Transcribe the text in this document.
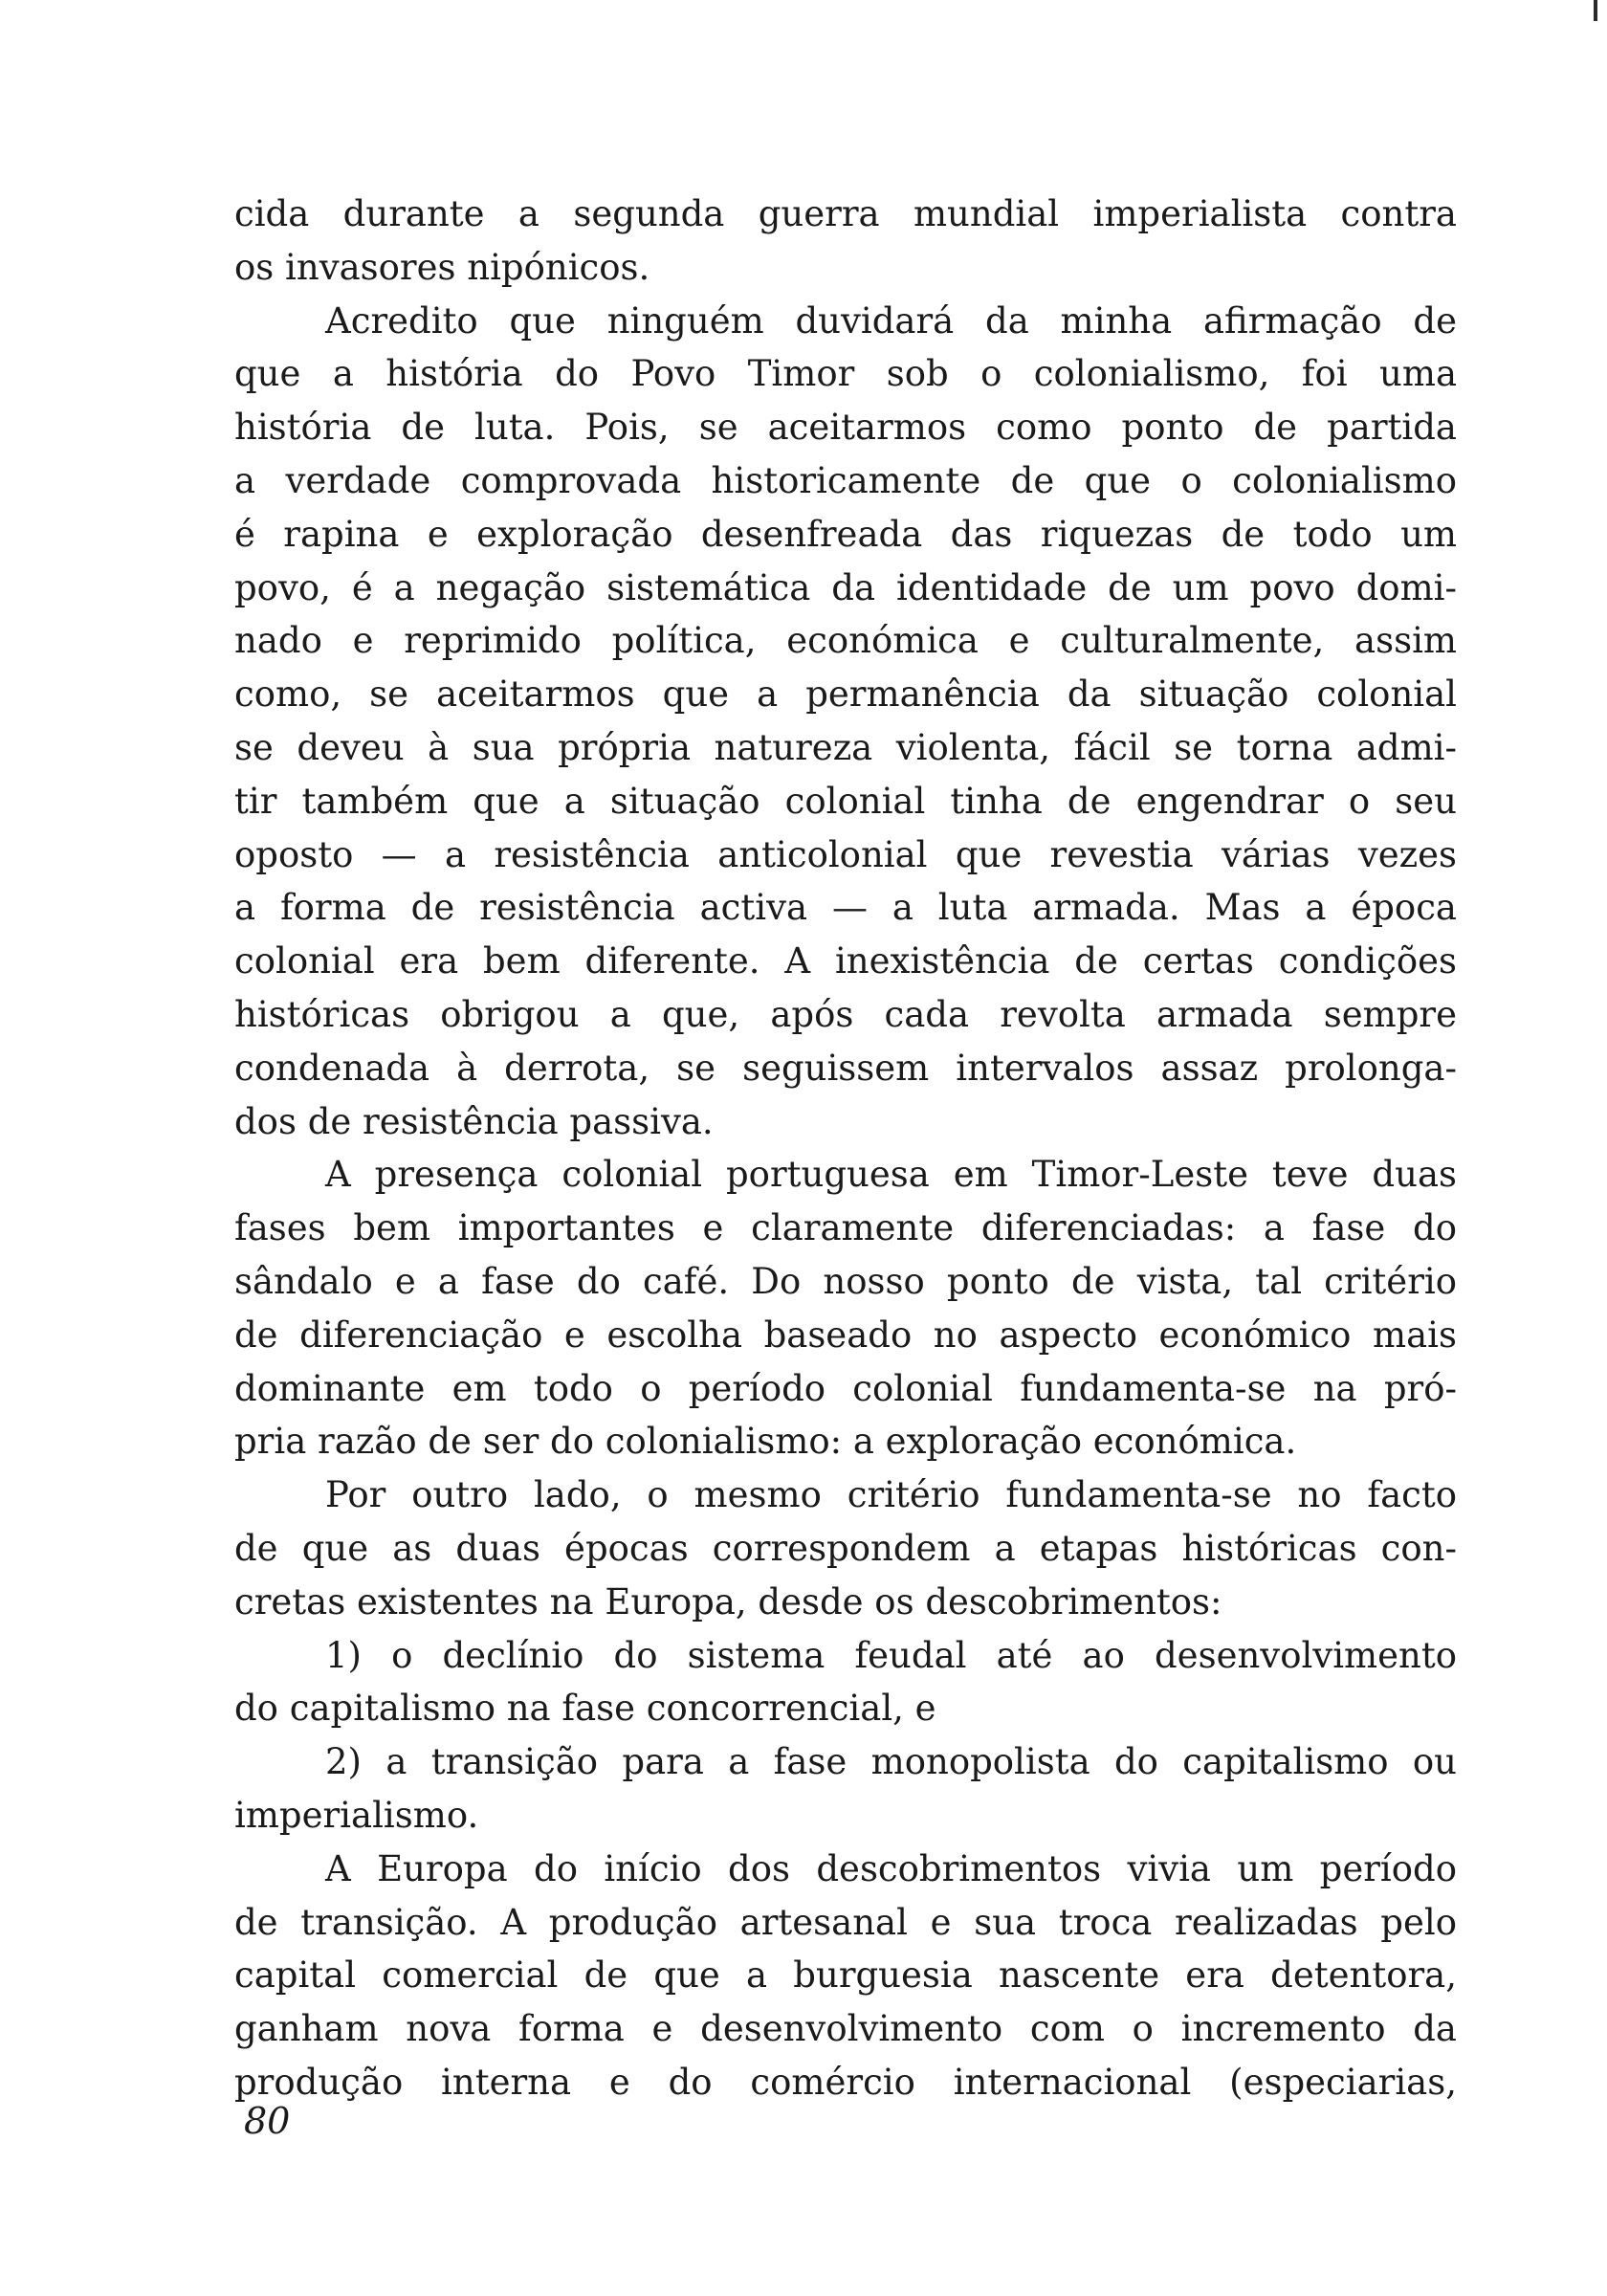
cida durante a segunda guerra mundial imperialista contra
os invasores nipónicos.
Acredito que ninguém duvidará da minha afirmação de
que a história do Povo Timor sob o colonialismo, foi uma
história de luta. Pois, se aceitarmos como ponto de partida
a verdade comprovada historicamente de que o colonialismo
é rapina e exploração desenfreada das riquezas de todo um
povo, é a negação sistemática da identidade de um povo domi-
nado e reprimido política, económica e culturalmente, assim
como, se aceitarmos que a permanência da situação colonial
se deveu à sua própria natureza violenta, fácil se torna admi-
tir também que a situação colonial tinha de engendrar o seu
oposto — a resistência anticolonial que revestia várias vezes
a forma de resistência activa — a luta armada. Mas a época
colonial era bem diferente. A inexistência de certas condições
históricas obrigou a que, após cada revolta armada sempre
condenada à derrota, se seguissem intervalos assaz prolonga-
dos de resistência passiva.
A presença colonial portuguesa em Timor-Leste teve duas
fases bem importantes e claramente diferenciadas: a fase do
sândalo e a fase do café. Do nosso ponto de vista, tal critério
de diferenciação e escolha baseado no aspecto económico mais
dominante em todo o período colonial fundamenta-se na pró-
pria razão de ser do colonialismo: a exploração económica.
Por outro lado, o mesmo critério fundamenta-se no facto
de que as duas épocas correspondem a etapas históricas con-
cretas existentes na Europa, desde os descobrimentos:
1) o declínio do sistema feudal até ao desenvolvimento
do capitalismo na fase concorrencial, e
2) a transição para a fase monopolista do capitalismo ou
imperialismo.
A Europa do início dos descobrimentos vivia um período
de transição. A produção artesanal e sua troca realizadas pelo
capital comercial de que a burguesia nascente era detentora,
ganham nova forma e desenvolvimento com o incremento da
produção interna e do comércio internacional (especiarias,
80
